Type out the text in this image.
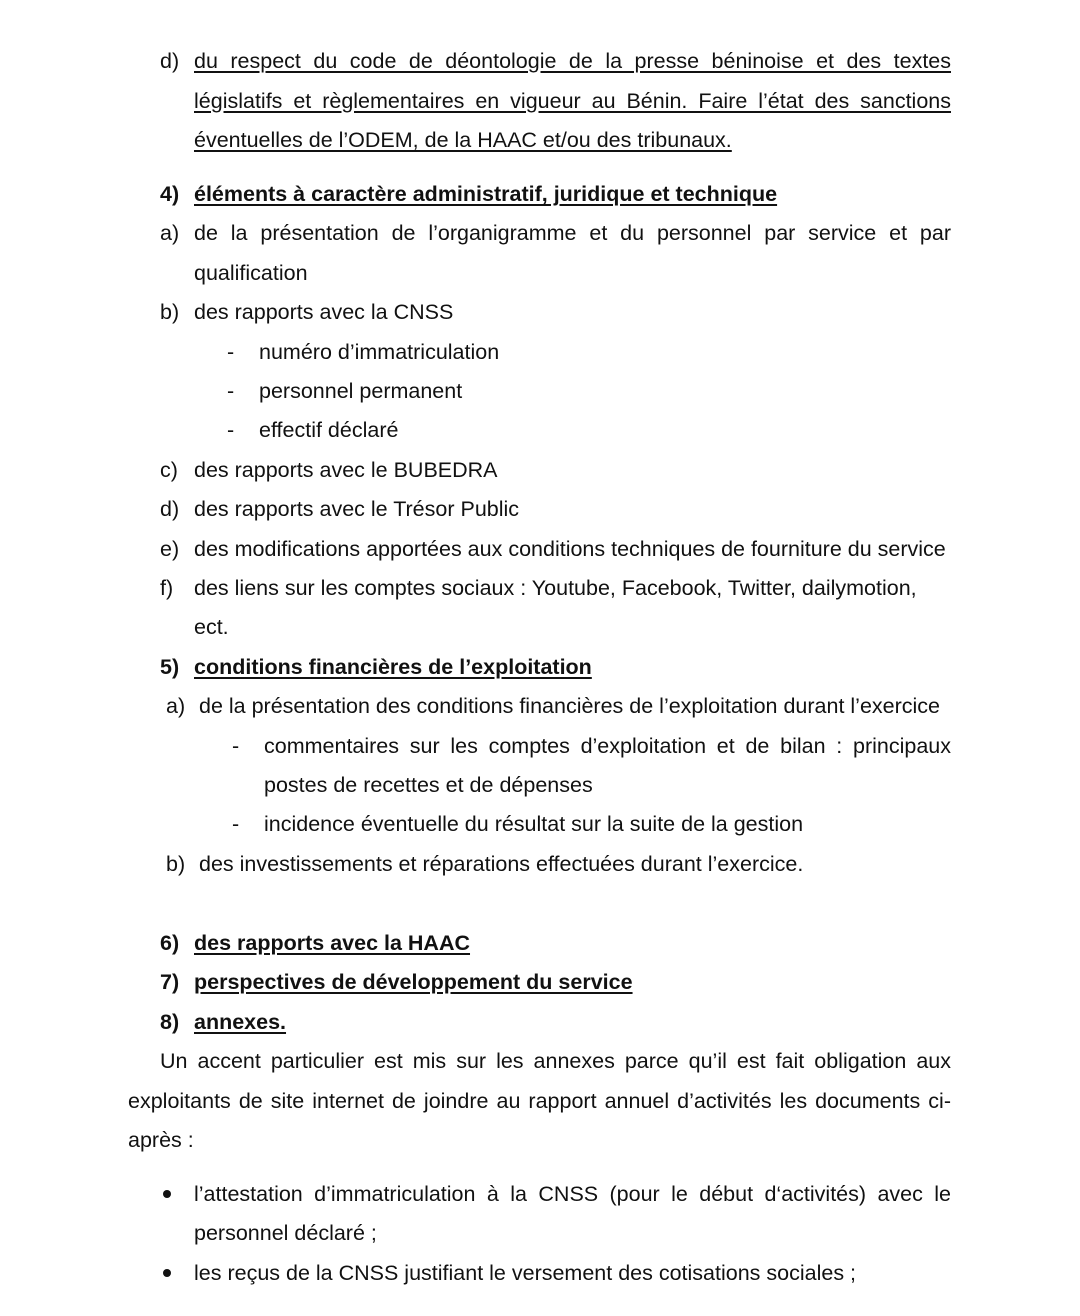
d) du respect du code de déontologie de la presse béninoise et des textes
législatifs et règlementaires en vigueur au Bénin. Faire l’état des sanctions
éventuelles de l’ODEM, de la HAAC et/ou des tribunaux.
4) éléments à caractère administratif, juridique et technique
a) de la présentation de l’organigramme et du personnel par service et par
qualification
b) des rapports avec la CNSS
- numéro d’immatriculation
- personnel permanent
- effectif déclaré
c) des rapports avec le BUBEDRA
d) des rapports avec le Trésor Public
e) des modifications apportées aux conditions techniques de fourniture du service
f) des liens sur les comptes sociaux : Youtube, Facebook, Twitter, dailymotion,
ect.
5) conditions financières de l’exploitation
a) de la présentation des conditions financières de l’exploitation durant l’exercice
- commentaires sur les comptes d’exploitation et de bilan : principaux
postes de recettes et de dépenses
- incidence éventuelle du résultat sur la suite de la gestion
b) des investissements et réparations effectuées durant l’exercice.
6) des rapports avec la HAAC
7) perspectives de développement du service
8) annexes.
Un accent particulier est mis sur les annexes parce qu’il est fait obligation aux
exploitants de site internet de joindre au rapport annuel d’activités les documents ci-
après :
l’attestation d’immatriculation à la CNSS (pour le début d‘activités) avec le
personnel déclaré ;
les reçus de la CNSS justifiant le versement des cotisations sociales ;
